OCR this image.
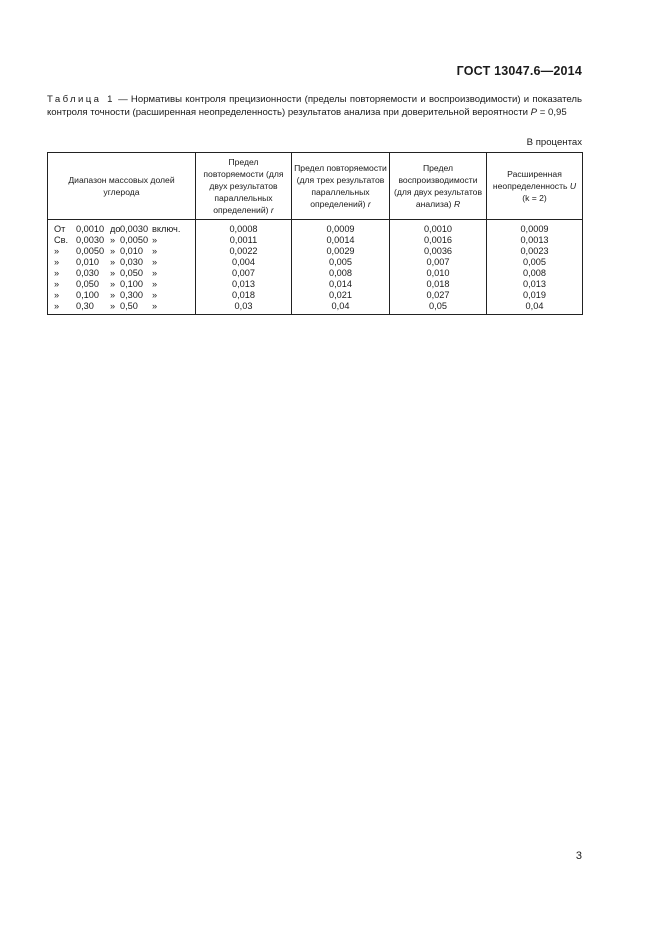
ГОСТ 13047.6—2014
Таблица 1 — Нормативы контроля прецизионности (пределы повторяемости и воспроизводимости) и показатель контроля точности (расширенная неопределенность) результатов анализа при доверительной вероятности P = 0,95
В процентах
Диапазон массовых долей углерода	Предел повторяемости (для двух результатов параллельных определений) r	Предел повторяемости (для трех результатов параллельных определений) r	Предел воспроизводимости (для двух результатов анализа) R	Расширенная неопределенность U
(k = 2)

От 0,0010 до 0,0030 включ.	0,0008	0,0009	0,0010	0,0009

Св. 0,0030 » 0,0050 »	0,0011	0,0014	0,0016	0,0013

» 0,0050 » 0,010 »	0,0022	0,0029	0,0036	0,0023

» 0,010 » 0,030 »	0,004	0,005	0,007	0,005

» 0,030 » 0,050 »	0,007	0,008	0,010	0,008

» 0,050 » 0,100 »	0,013	0,014	0,018	0,013

» 0,100 » 0,300 »	0,018	0,021	0,027	0,019

» 0,30 » 0,50 »	0,03	0,04	0,05	0,04
3
